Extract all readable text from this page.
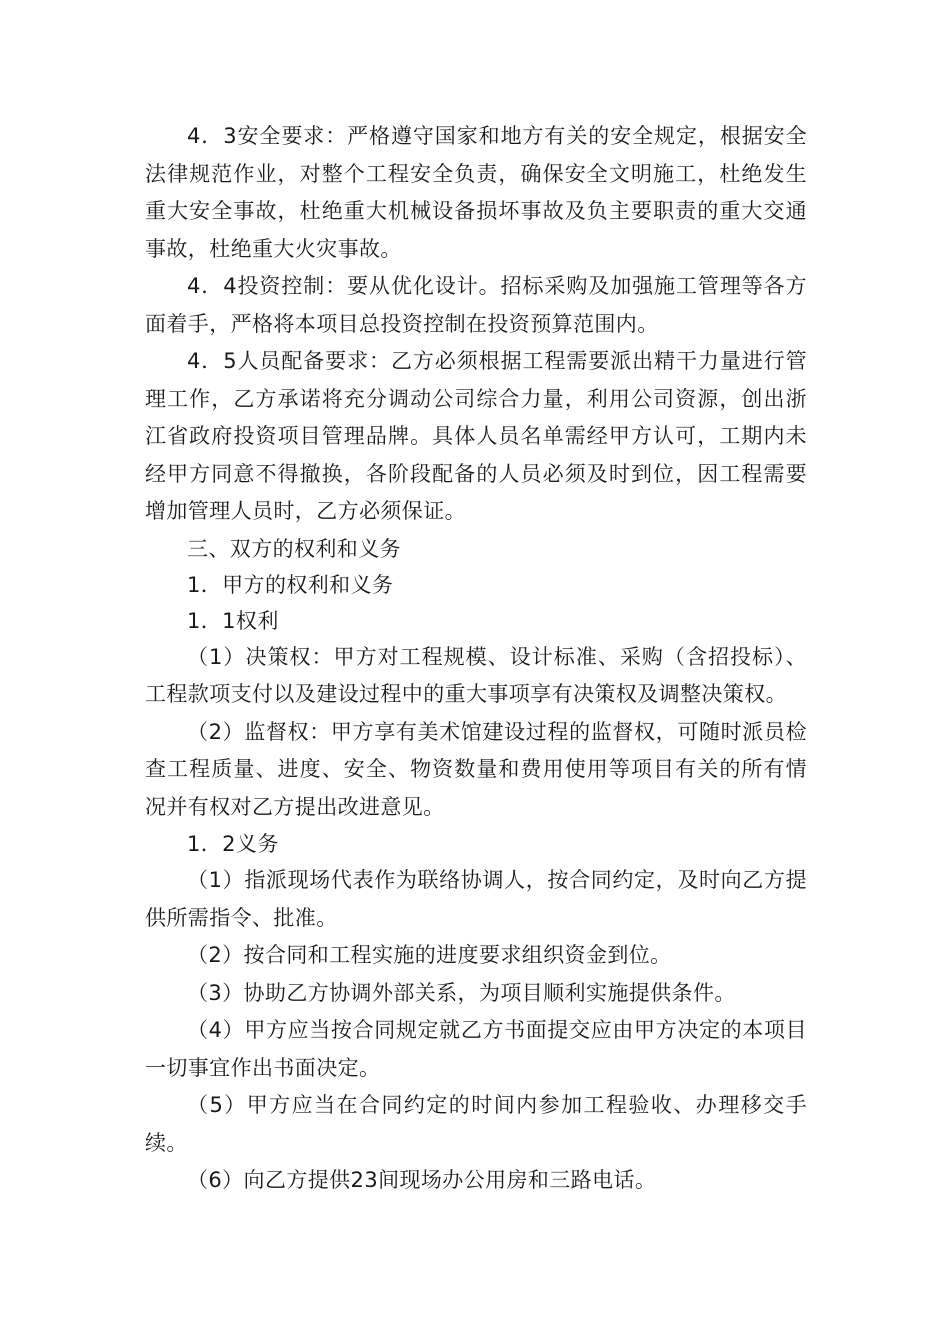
4．3安全要求：严格遵守国家和地方有关的安全规定，根据安全法律规范作业，对整个工程安全负责，确保安全文明施工，杜绝发生重大安全事故，杜绝重大机械设备损坏事故及负主要职责的重大交通事故，杜绝重大火灾事故。

4．4投资控制：要从优化设计。招标采购及加强施工管理等各方面着手，严格将本项目总投资控制在投资预算范围内。

4．5人员配备要求：乙方必须根据工程需要派出精干力量进行管理工作，乙方承诺将充分调动公司综合力量，利用公司资源，创出浙江省政府投资项目管理品牌。具体人员名单需经甲方认可，工期内未经甲方同意不得撤换，各阶段配备的人员必须及时到位，因工程需要增加管理人员时，乙方必须保证。

三、双方的权利和义务

1．甲方的权利和义务

1．1权利

（1）决策权：甲方对工程规模、设计标准、采购（含招投标）、工程款项支付以及建设过程中的重大事项享有决策权及调整决策权。

（2）监督权：甲方享有美术馆建设过程的监督权，可随时派员检查工程质量、进度、安全、物资数量和费用使用等项目有关的所有情况并有权对乙方提出改进意见。

1．2义务

（1）指派现场代表作为联络协调人，按合同约定，及时向乙方提供所需指令、批准。

（2）按合同和工程实施的进度要求组织资金到位。

（3）协助乙方协调外部关系，为项目顺利实施提供条件。

（4）甲方应当按合同规定就乙方书面提交应由甲方决定的本项目一切事宜作出书面决定。

（5）甲方应当在合同约定的时间内参加工程验收、办理移交手续。

（6）向乙方提供23间现场办公用房和三路电话。
